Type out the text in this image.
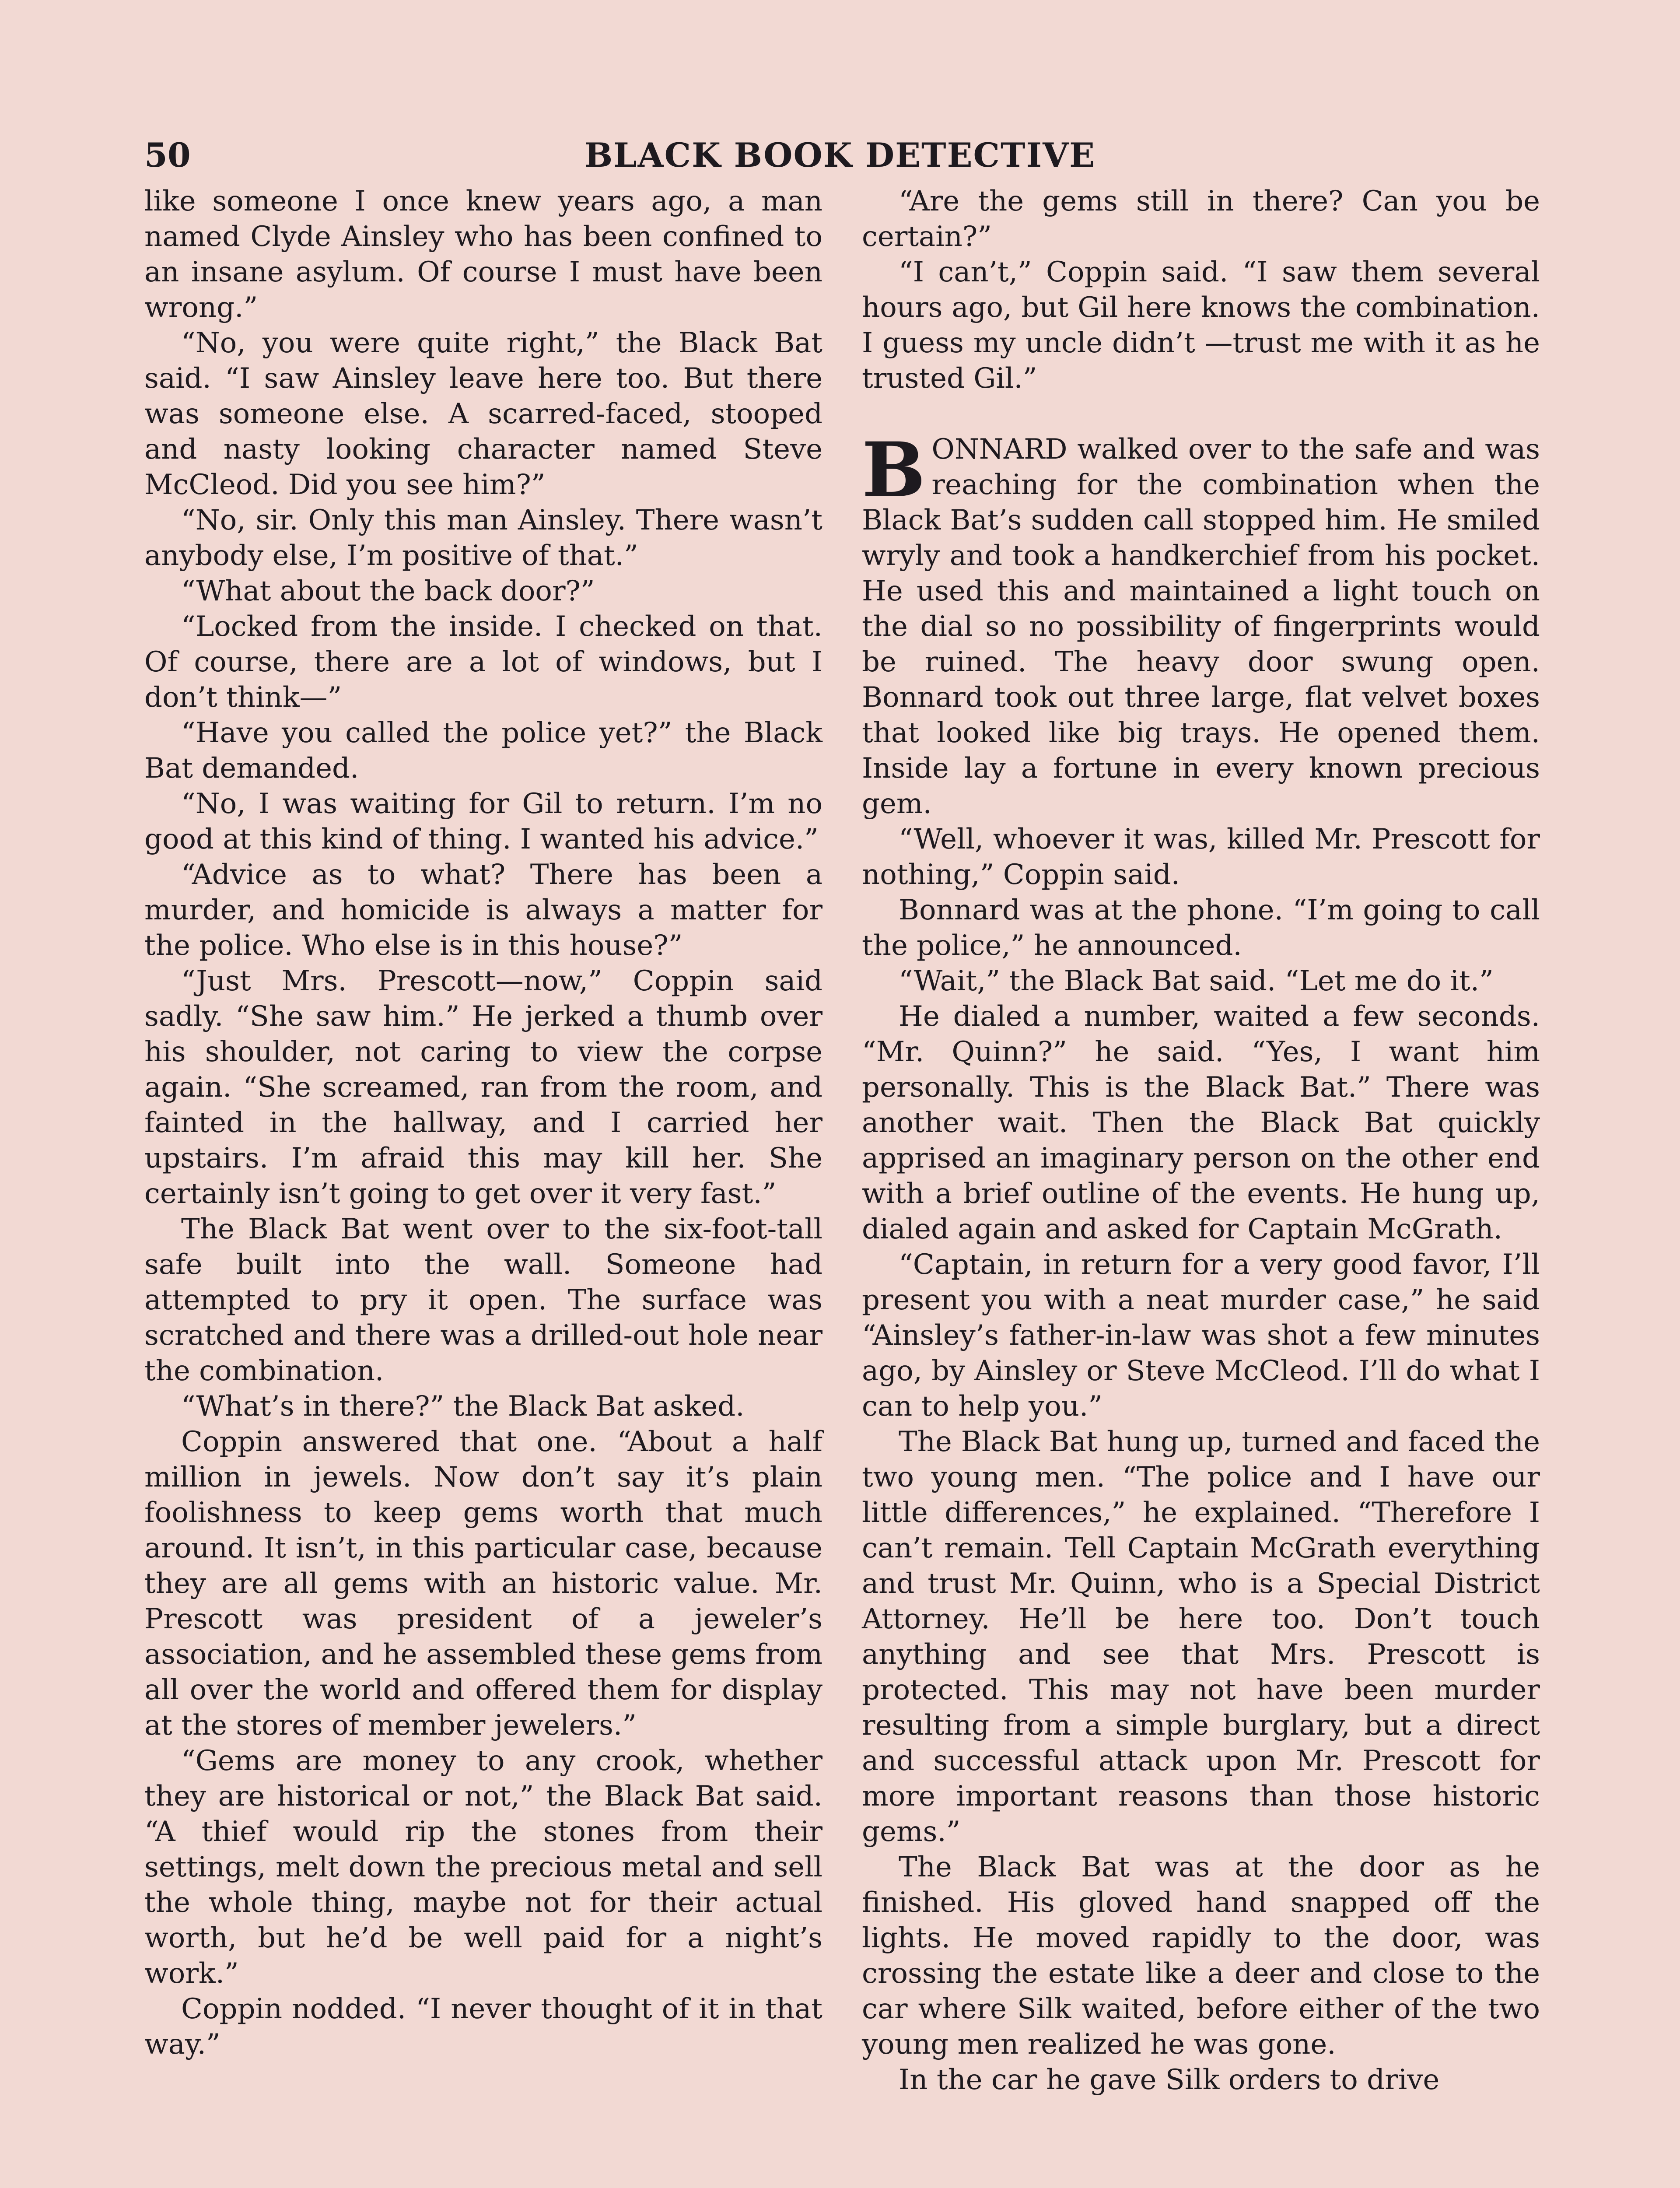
50	BLACK BOOK DETECTIVE

like someone I once knew years ago, a man named Clyde Ainsley who has been confined to an insane asylum. Of course I must have been wrong.”

“No, you were quite right,” the Black Bat said. “I saw Ainsley leave here too. But there was someone else. A scarred-faced, stooped and nasty looking character named Steve McCleod. Did you see him?”

“No, sir. Only this man Ainsley. There wasn’t anybody else, I’m positive of that.”

“What about the back door?”

“Locked from the inside. I checked on that. Of course, there are a lot of windows, but I don’t think—”

“Have you called the police yet?” the Black Bat demanded.

“No, I was waiting for Gil to return. I’m no good at this kind of thing. I wanted his advice.”

“Advice as to what? There has been a murder, and homicide is always a matter for the police. Who else is in this house?”

“Just Mrs. Prescott—now,” Coppin said sadly. “She saw him.” He jerked a thumb over his shoulder, not caring to view the corpse again. “She screamed, ran from the room, and fainted in the hallway, and I carried her upstairs. I’m afraid this may kill her. She certainly isn’t going to get over it very fast.”

The Black Bat went over to the six-foot-tall safe built into the wall. Someone had attempted to pry it open. The surface was scratched and there was a drilled-out hole near the combination.

“What’s in there?” the Black Bat asked.

Coppin answered that one. “About a half million in jewels. Now don’t say it’s plain foolishness to keep gems worth that much around. It isn’t, in this particular case, because they are all gems with an historic value. Mr. Prescott was president of a jeweler’s association, and he assembled these gems from all over the world and offered them for display at the stores of member jewelers.”

“Gems are money to any crook, whether they are historical or not,” the Black Bat said. “A thief would rip the stones from their settings, melt down the precious metal and sell the whole thing, maybe not for their actual worth, but he’d be well paid for a night’s work.”

Coppin nodded. “I never thought of it in that way.”

“Are the gems still in there? Can you be certain?”

“I can’t,” Coppin said. “I saw them several hours ago, but Gil here knows the combination. I guess my uncle didn’t —trust me with it as he trusted Gil.”

BONNARD walked over to the safe and was reaching for the combination when the Black Bat’s sudden call stopped him. He smiled wryly and took a handkerchief from his pocket. He used this and maintained a light touch on the dial so no possibility of fingerprints would be ruined. The heavy door swung open. Bonnard took out three large, flat velvet boxes that looked like big trays. He opened them. Inside lay a fortune in every known precious gem.

“Well, whoever it was, killed Mr. Prescott for nothing,” Coppin said.

Bonnard was at the phone. “I’m going to call the police,” he announced.

“Wait,” the Black Bat said. “Let me do it.”

He dialed a number, waited a few seconds. “Mr. Quinn?” he said. “Yes, I want him personally. This is the Black Bat.” There was another wait. Then the Black Bat quickly apprised an imaginary person on the other end with a brief outline of the events. He hung up, dialed again and asked for Captain McGrath.

“Captain, in return for a very good favor, I’ll present you with a neat murder case,” he said “Ainsley’s father-in-law was shot a few minutes ago, by Ainsley or Steve McCleod. I’ll do what I can to help you.”

The Black Bat hung up, turned and faced the two young men. “The police and I have our little differences,” he explained. “Therefore I can’t remain. Tell Captain McGrath everything and trust Mr. Quinn, who is a Special District Attorney. He’ll be here too. Don’t touch anything and see that Mrs. Prescott is protected. This may not have been murder resulting from a simple burglary, but a direct and successful attack upon Mr. Prescott for more important reasons than those historic gems.”

The Black Bat was at the door as he finished. His gloved hand snapped off the lights. He moved rapidly to the door, was crossing the estate like a deer and close to the car where Silk waited, before either of the two young men realized he was gone.

In the car he gave Silk orders to drive
